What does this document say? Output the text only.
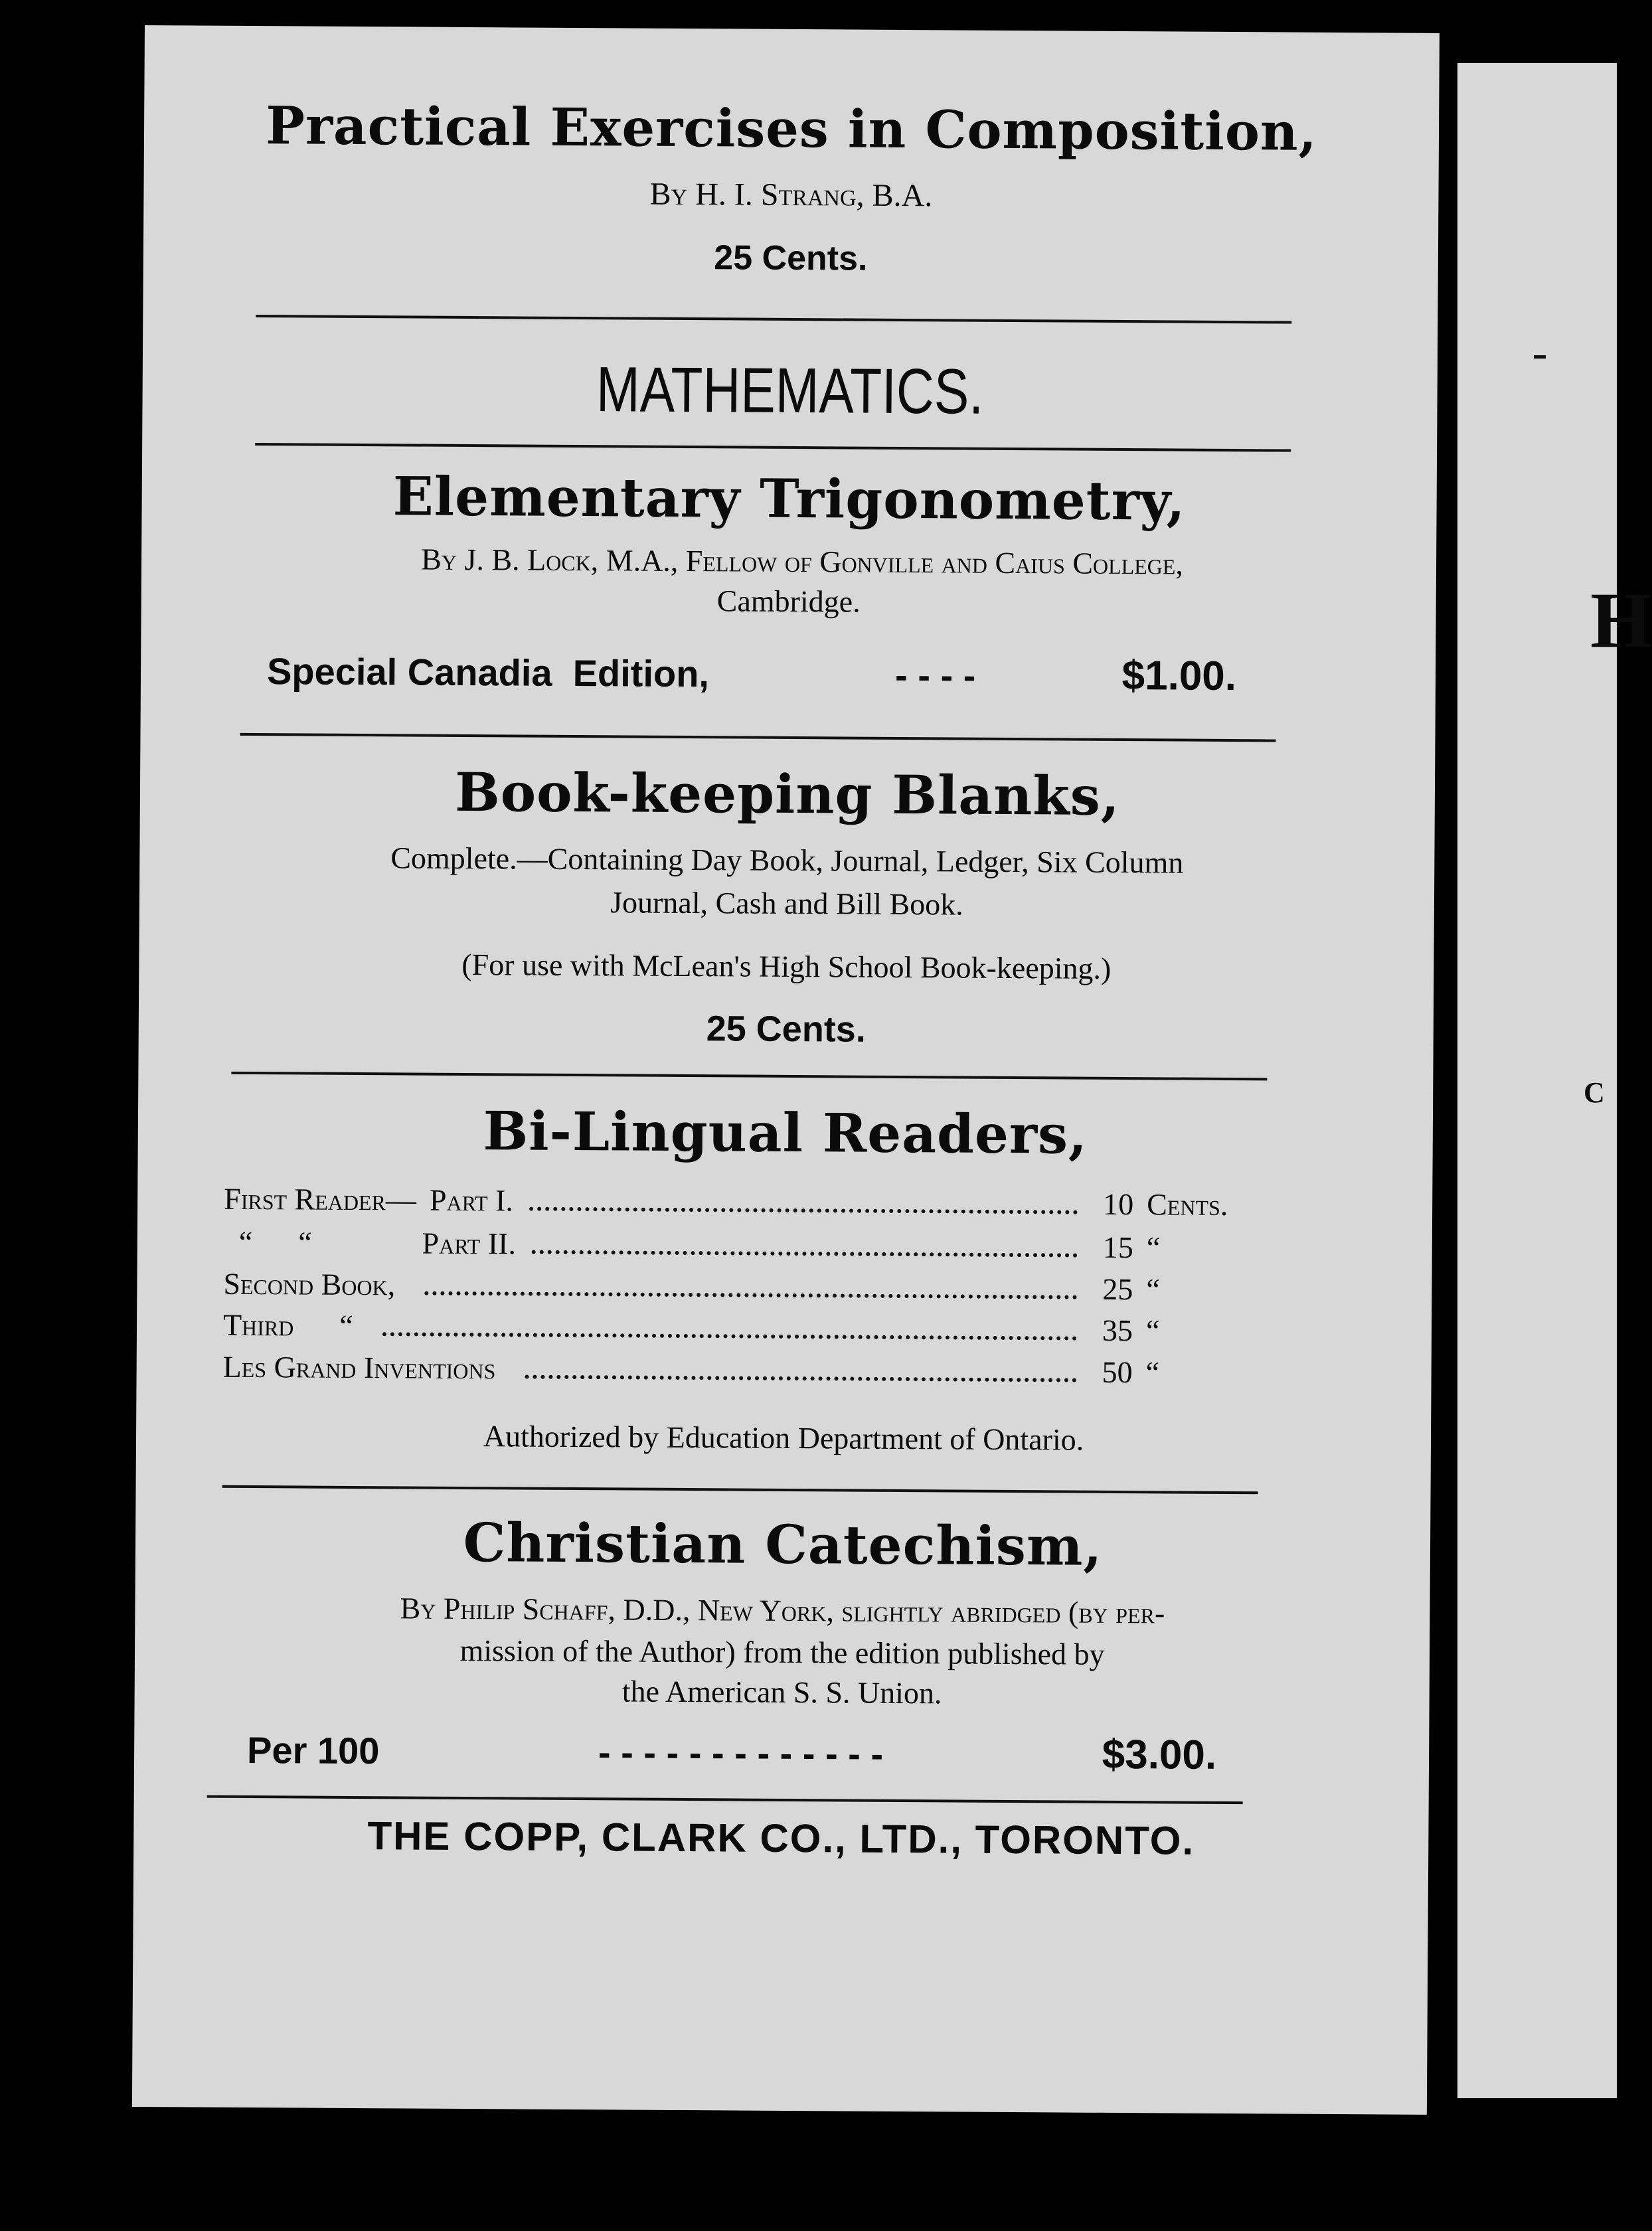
Practical Exercises in Composition,
By H. I. Strang, B.A.
25 Cents.
MATHEMATICS.
Elementary Trigonometry,
By J. B. Lock, M.A., Fellow of Gonville and Caius College,
Cambridge.
Special Canadia  Edition,	- - - -	$1.00.
Book-keeping Blanks,
Complete.—Containing Day Book, Journal, Ledger, Six Column
Journal, Cash and Bill Book.
(For use with McLean's High School Book-keeping.)
25 Cents.
Bi-Lingual Readers,
First Reader— Part I.	10 Cents.
“      “	Part II.	15 “
Second Book,	25 “
Third      “	35 “
Les Grand Inventions	50 “
Authorized by Education Department of Ontario.
Christian Catechism,
By Philip Schaff, D.D., New York, slightly abridged (by per-
mission of the Author) from the edition published by
the American S. S. Union.
Per 100	- - - - - - - - - - - - -	$3.00.
THE COPP, CLARK CO., LTD., TORONTO.
H
C
